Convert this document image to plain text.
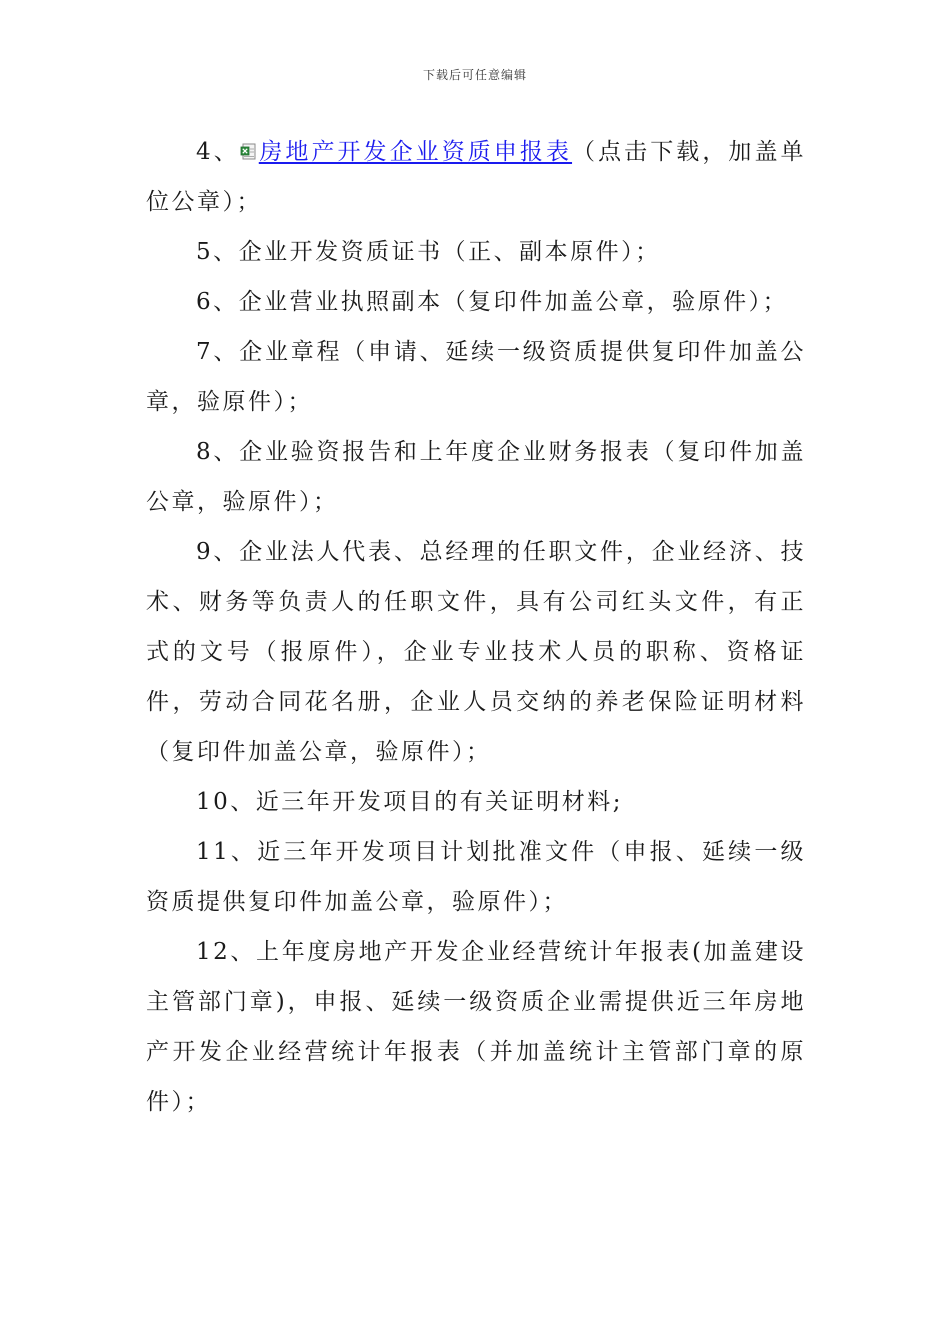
下载后可任意编辑

4、 房地产开发企业资质申报表（点击下载，加盖单位公章）；

5、企业开发资质证书（正、副本原件）；

6、企业营业执照副本（复印件加盖公章，验原件）；

7、企业章程（申请、延续一级资质提供复印件加盖公章，验原件）；

8、企业验资报告和上年度企业财务报表（复印件加盖公章，验原件）；

9、企业法人代表、总经理的任职文件，企业经济、技术、财务等负责人的任职文件，具有公司红头文件，有正式的文号（报原件），企业专业技术人员的职称、资格证件，劳动合同花名册，企业人员交纳的养老保险证明材料（复印件加盖公章，验原件）；

10、近三年开发项目的有关证明材料;

11、近三年开发项目计划批准文件（申报、延续一级资质提供复印件加盖公章，验原件）；

12、上年度房地产开发企业经营统计年报表(加盖建设主管部门章)，申报、延续一级资质企业需提供近三年房地产开发企业经营统计年报表（并加盖统计主管部门章的原件）；
